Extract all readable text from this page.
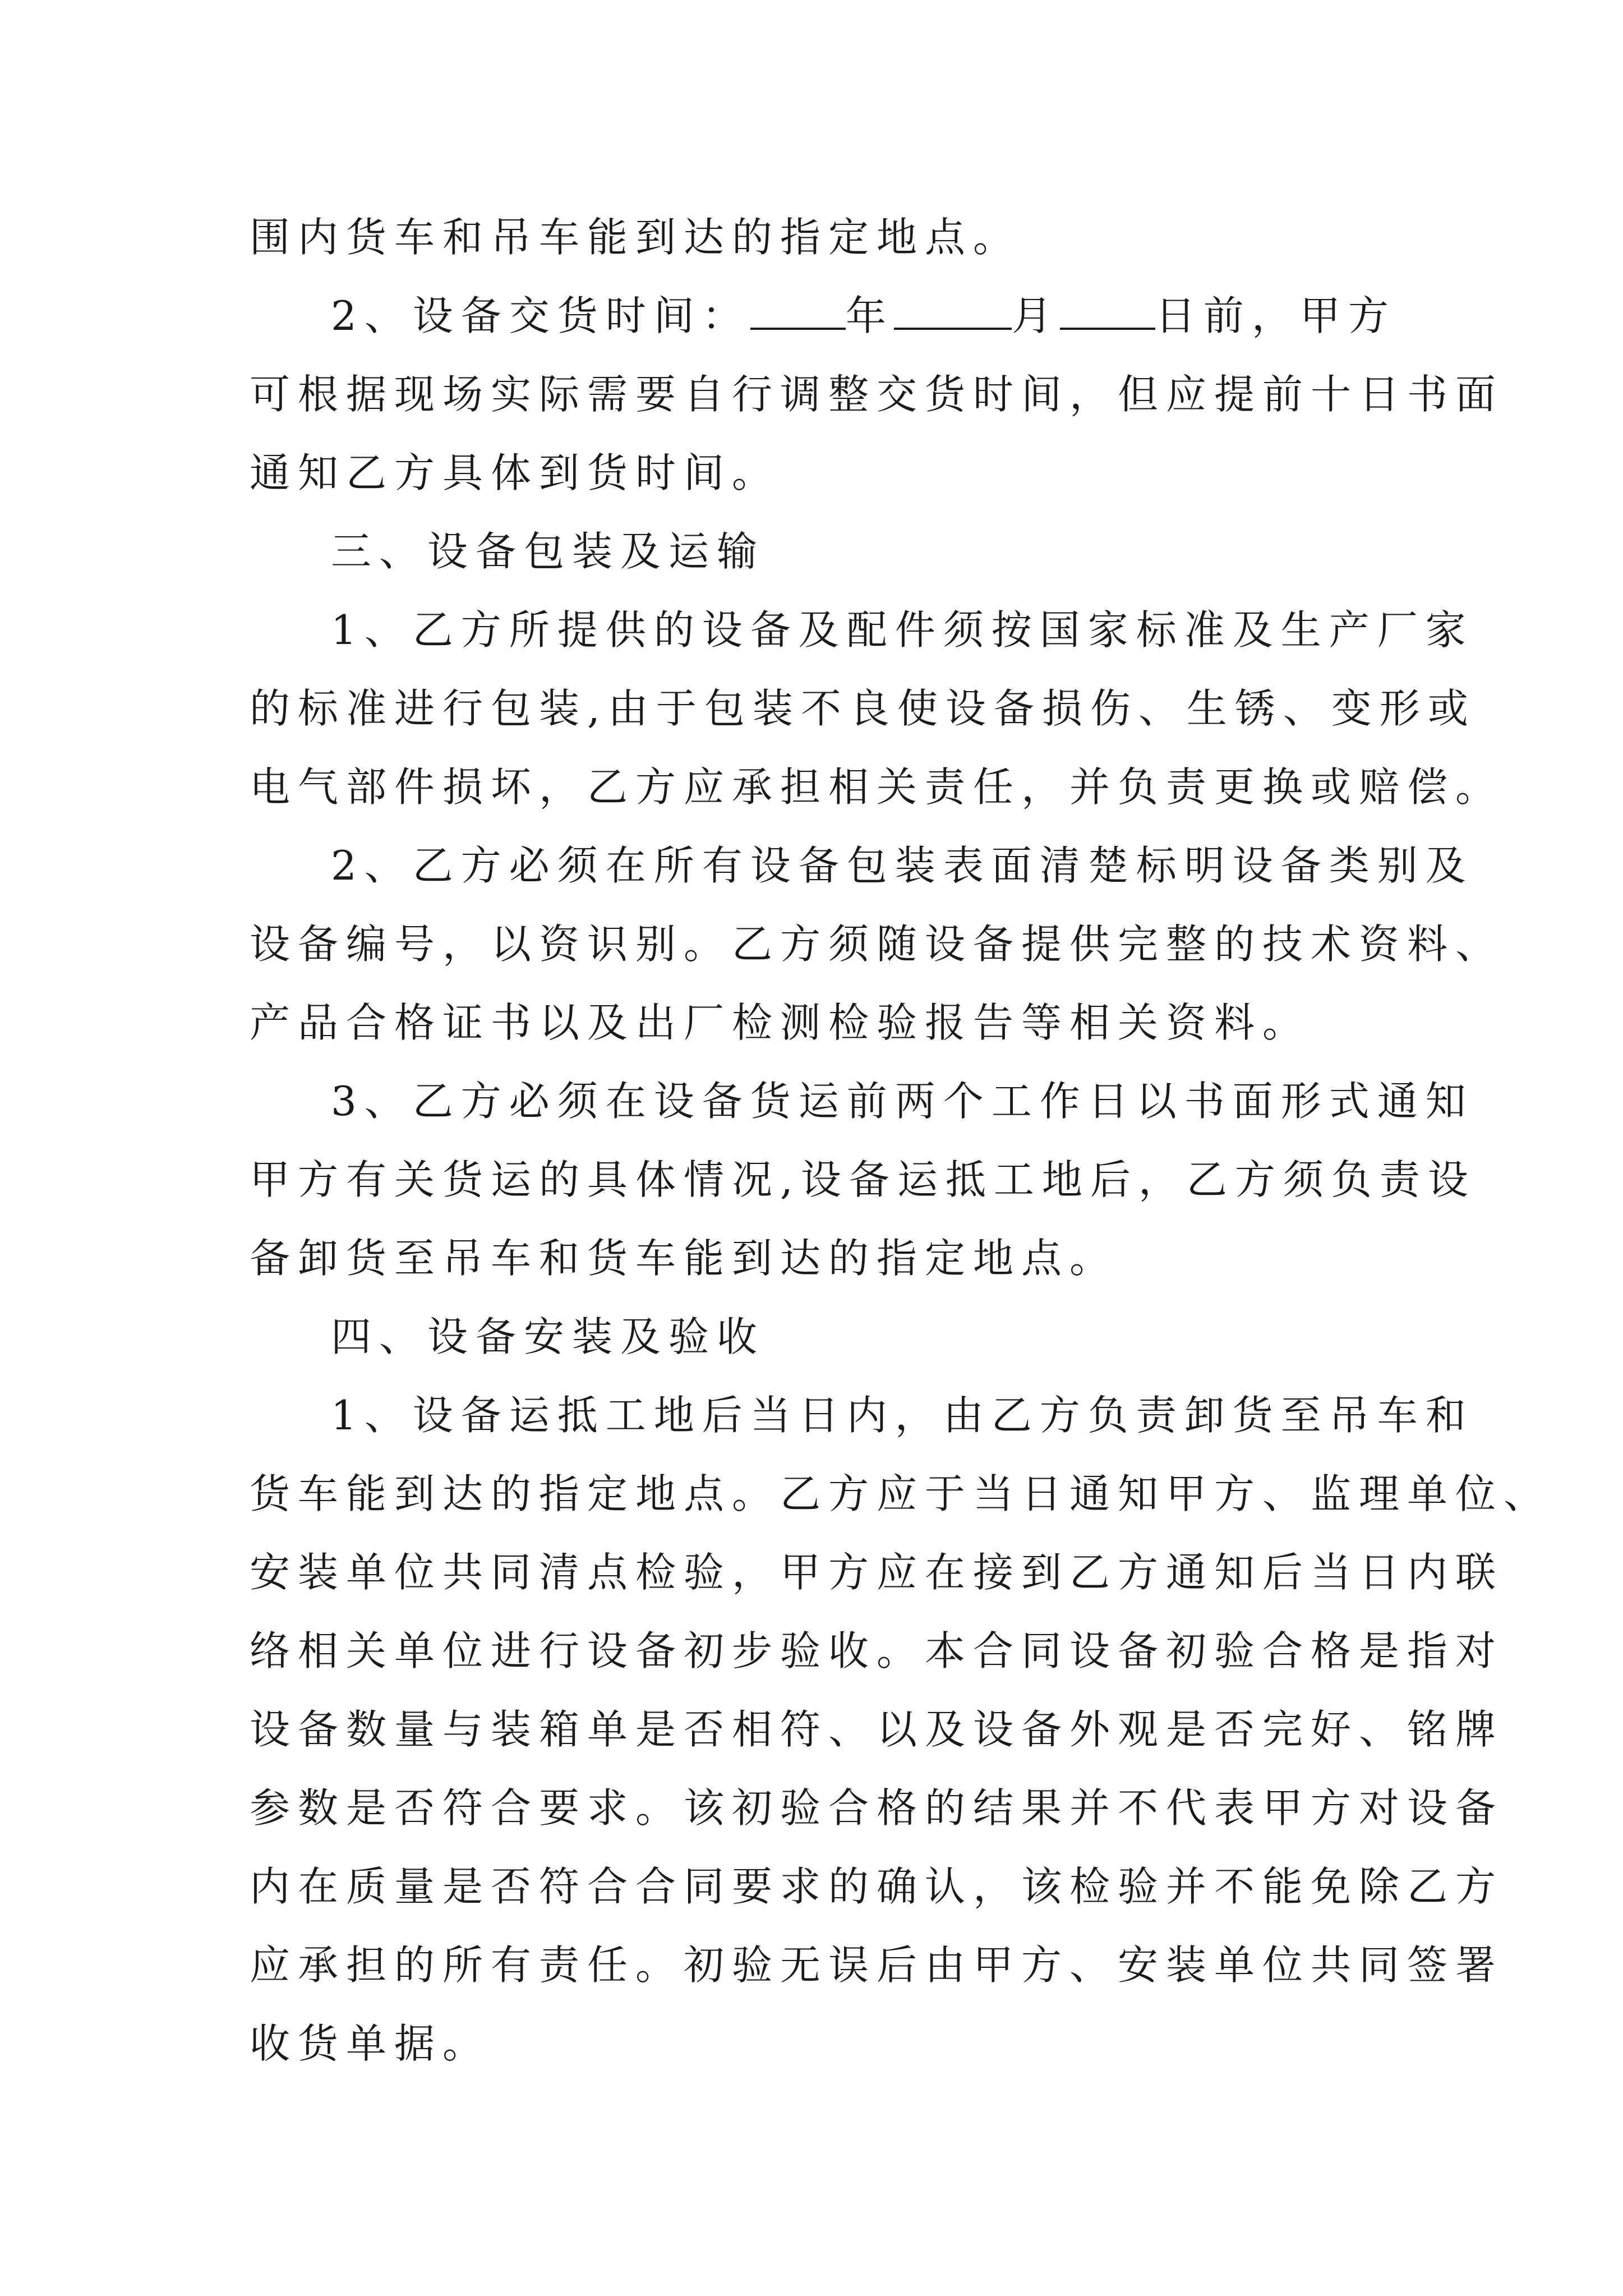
围内货车和吊车能到达的指定地点。
2、设备交货时间： 年	月 日前，甲方
可根据现场实际需要自行调整交货时间，但应提前十日书面
通知乙方具体到货时间。
三、设备包装及运输
1、乙方所提供的设备及配件须按国家标准及生产厂家
的标准进行包装,由于包装不良使设备损伤、生锈、变形或
电气部件损坏，乙方应承担相关责任，并负责更换或赔偿。
2、乙方必须在所有设备包装表面清楚标明设备类别及
设备编号，以资识别。乙方须随设备提供完整的技术资料、
产品合格证书以及出厂检测检验报告等相关资料。
3、乙方必须在设备货运前两个工作日以书面形式通知
甲方有关货运的具体情况,设备运抵工地后，乙方须负责设
备卸货至吊车和货车能到达的指定地点。
四、设备安装及验收
1、设备运抵工地后当日内，由乙方负责卸货至吊车和
货车能到达的指定地点。乙方应于当日通知甲方、监理单位、
安装单位共同清点检验，甲方应在接到乙方通知后当日内联
络相关单位进行设备初步验收。本合同设备初验合格是指对
设备数量与装箱单是否相符、以及设备外观是否完好、铭牌
参数是否符合要求。该初验合格的结果并不代表甲方对设备
内在质量是否符合合同要求的确认，该检验并不能免除乙方
应承担的所有责任。初验无误后由甲方、安装单位共同签署
收货单据。
